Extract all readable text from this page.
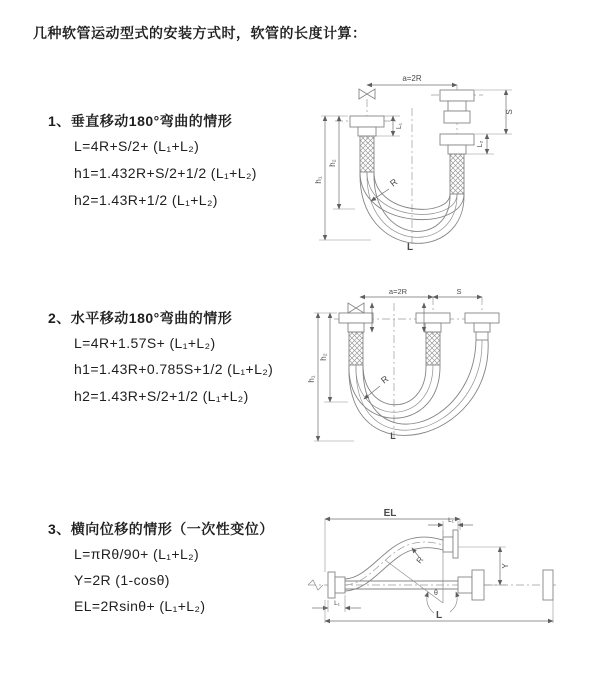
几种软管运动型式的安装方式时，软管的长度计算：
1、垂直移动180°弯曲的情形
L=4R+S/2+ (L₁+L₂)
h1=1.432R+S/2+1/2 (L₁+L₂)
h2=1.43R+1/2 (L₁+L₂)
a=2R
h₂
h₁
L₁
S
L₂
R
L
2、水平移动180°弯曲的情形
L=4R+1.57S+ (L₁+L₂)
h1=1.43R+0.785S+1/2 (L₁+L₂)
h2=1.43R+S/2+1/2 (L₁+L₂)
a=2R	S
h₂
h₁	R
L
3、横向位移的情形（一次性变位）
L=πRθ/90+ (L₁+L₂)
Y=2R (1-cosθ)
EL=2Rsinθ+ (L₁+L₂)
EL
L₁
Y
θ
R
L₁
L
